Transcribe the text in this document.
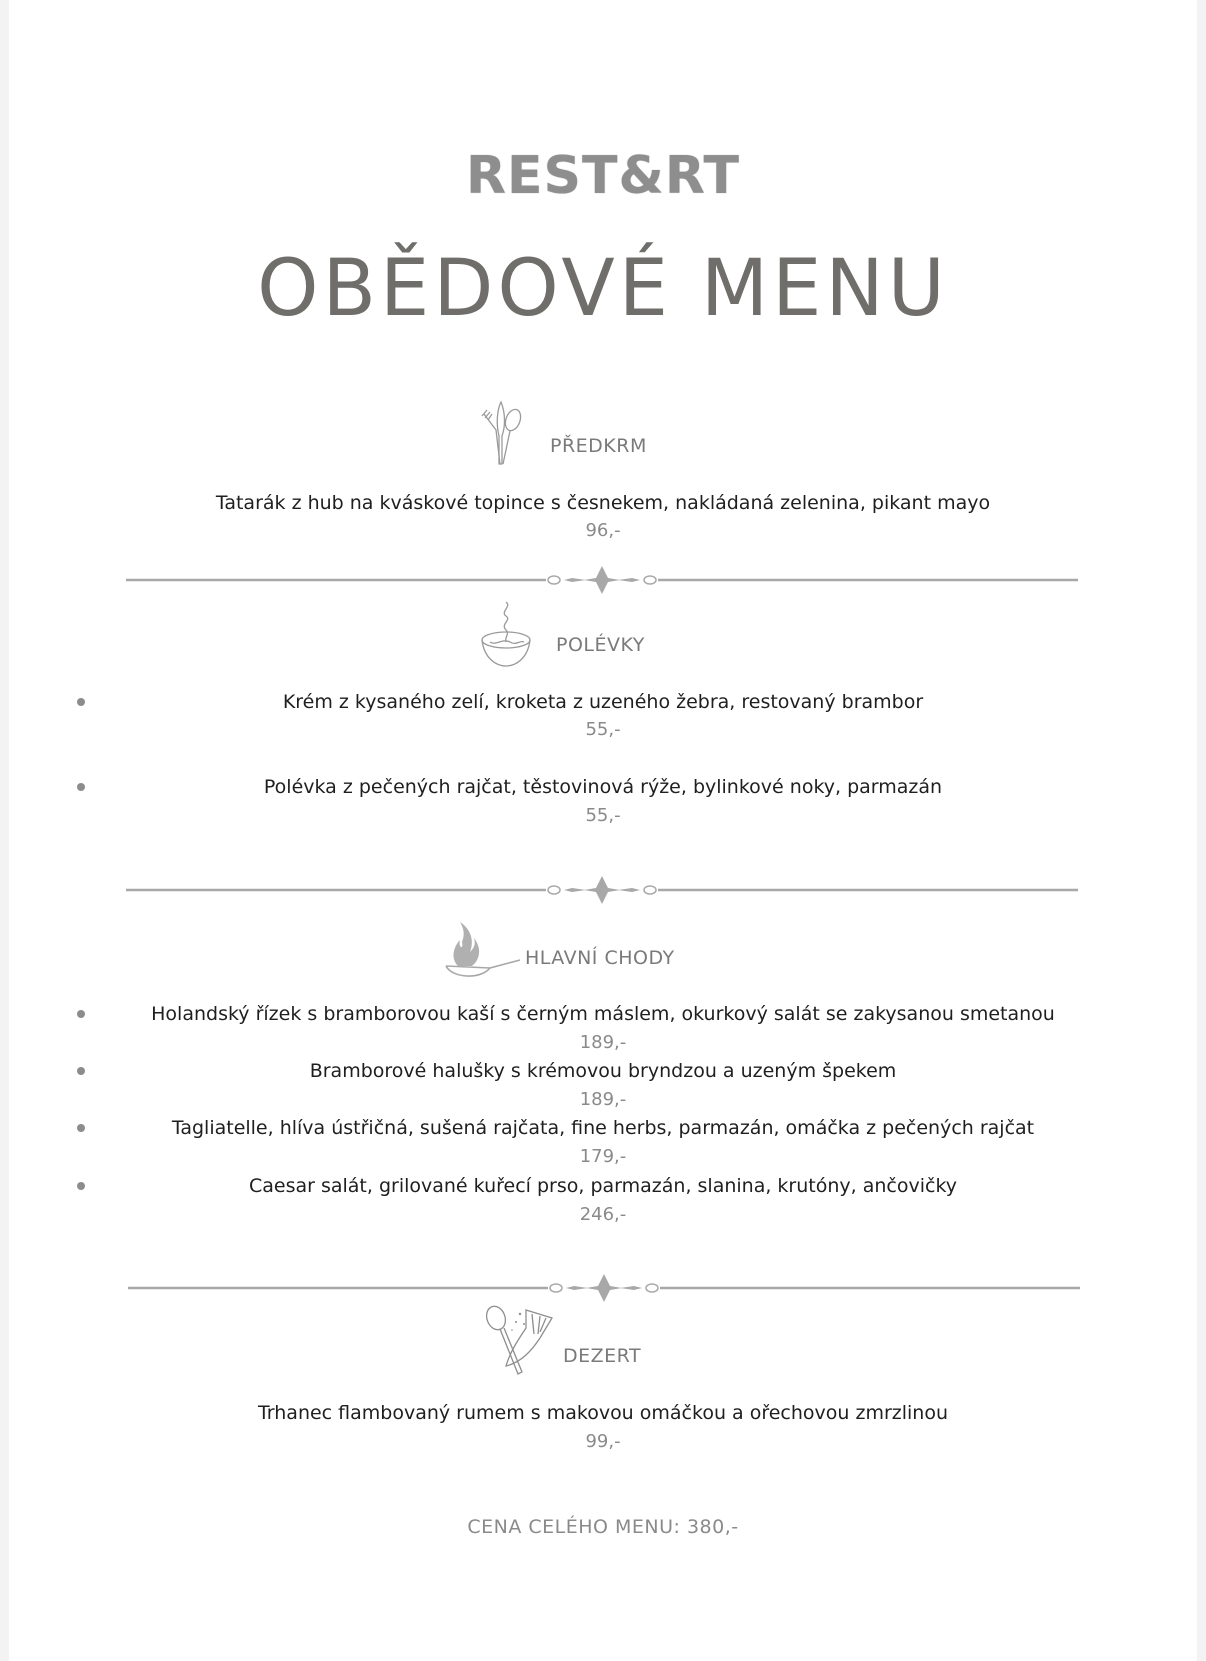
REST&RT
OBĚDOVÉ MENU
PŘEDKRM
Tatarák z hub na kváskové topince s česnekem, nakládaná zelenina, pikant mayo
96,-
POLÉVKY
Krém z kysaného zelí, kroketa z uzeného žebra, restovaný brambor
55,-
Polévka z pečených rajčat, těstovinová rýže, bylinkové noky, parmazán
55,-
HLAVNÍ CHODY
Holandský řízek s bramborovou kaší s černým máslem, okurkový salát se zakysanou smetanou
189,-
Bramborové halušky s krémovou bryndzou a uzeným špekem
189,-
Tagliatelle, hlíva ústřičná, sušená rajčata, fine herbs, parmazán, omáčka z pečených rajčat
179,-
Caesar salát, grilované kuřecí prso, parmazán, slanina, krutóny, ančovičky
246,-
DEZERT
Trhanec flambovaný rumem s makovou omáčkou a ořechovou zmrzlinou
99,-
CENA CELÉHO MENU: 380,-
